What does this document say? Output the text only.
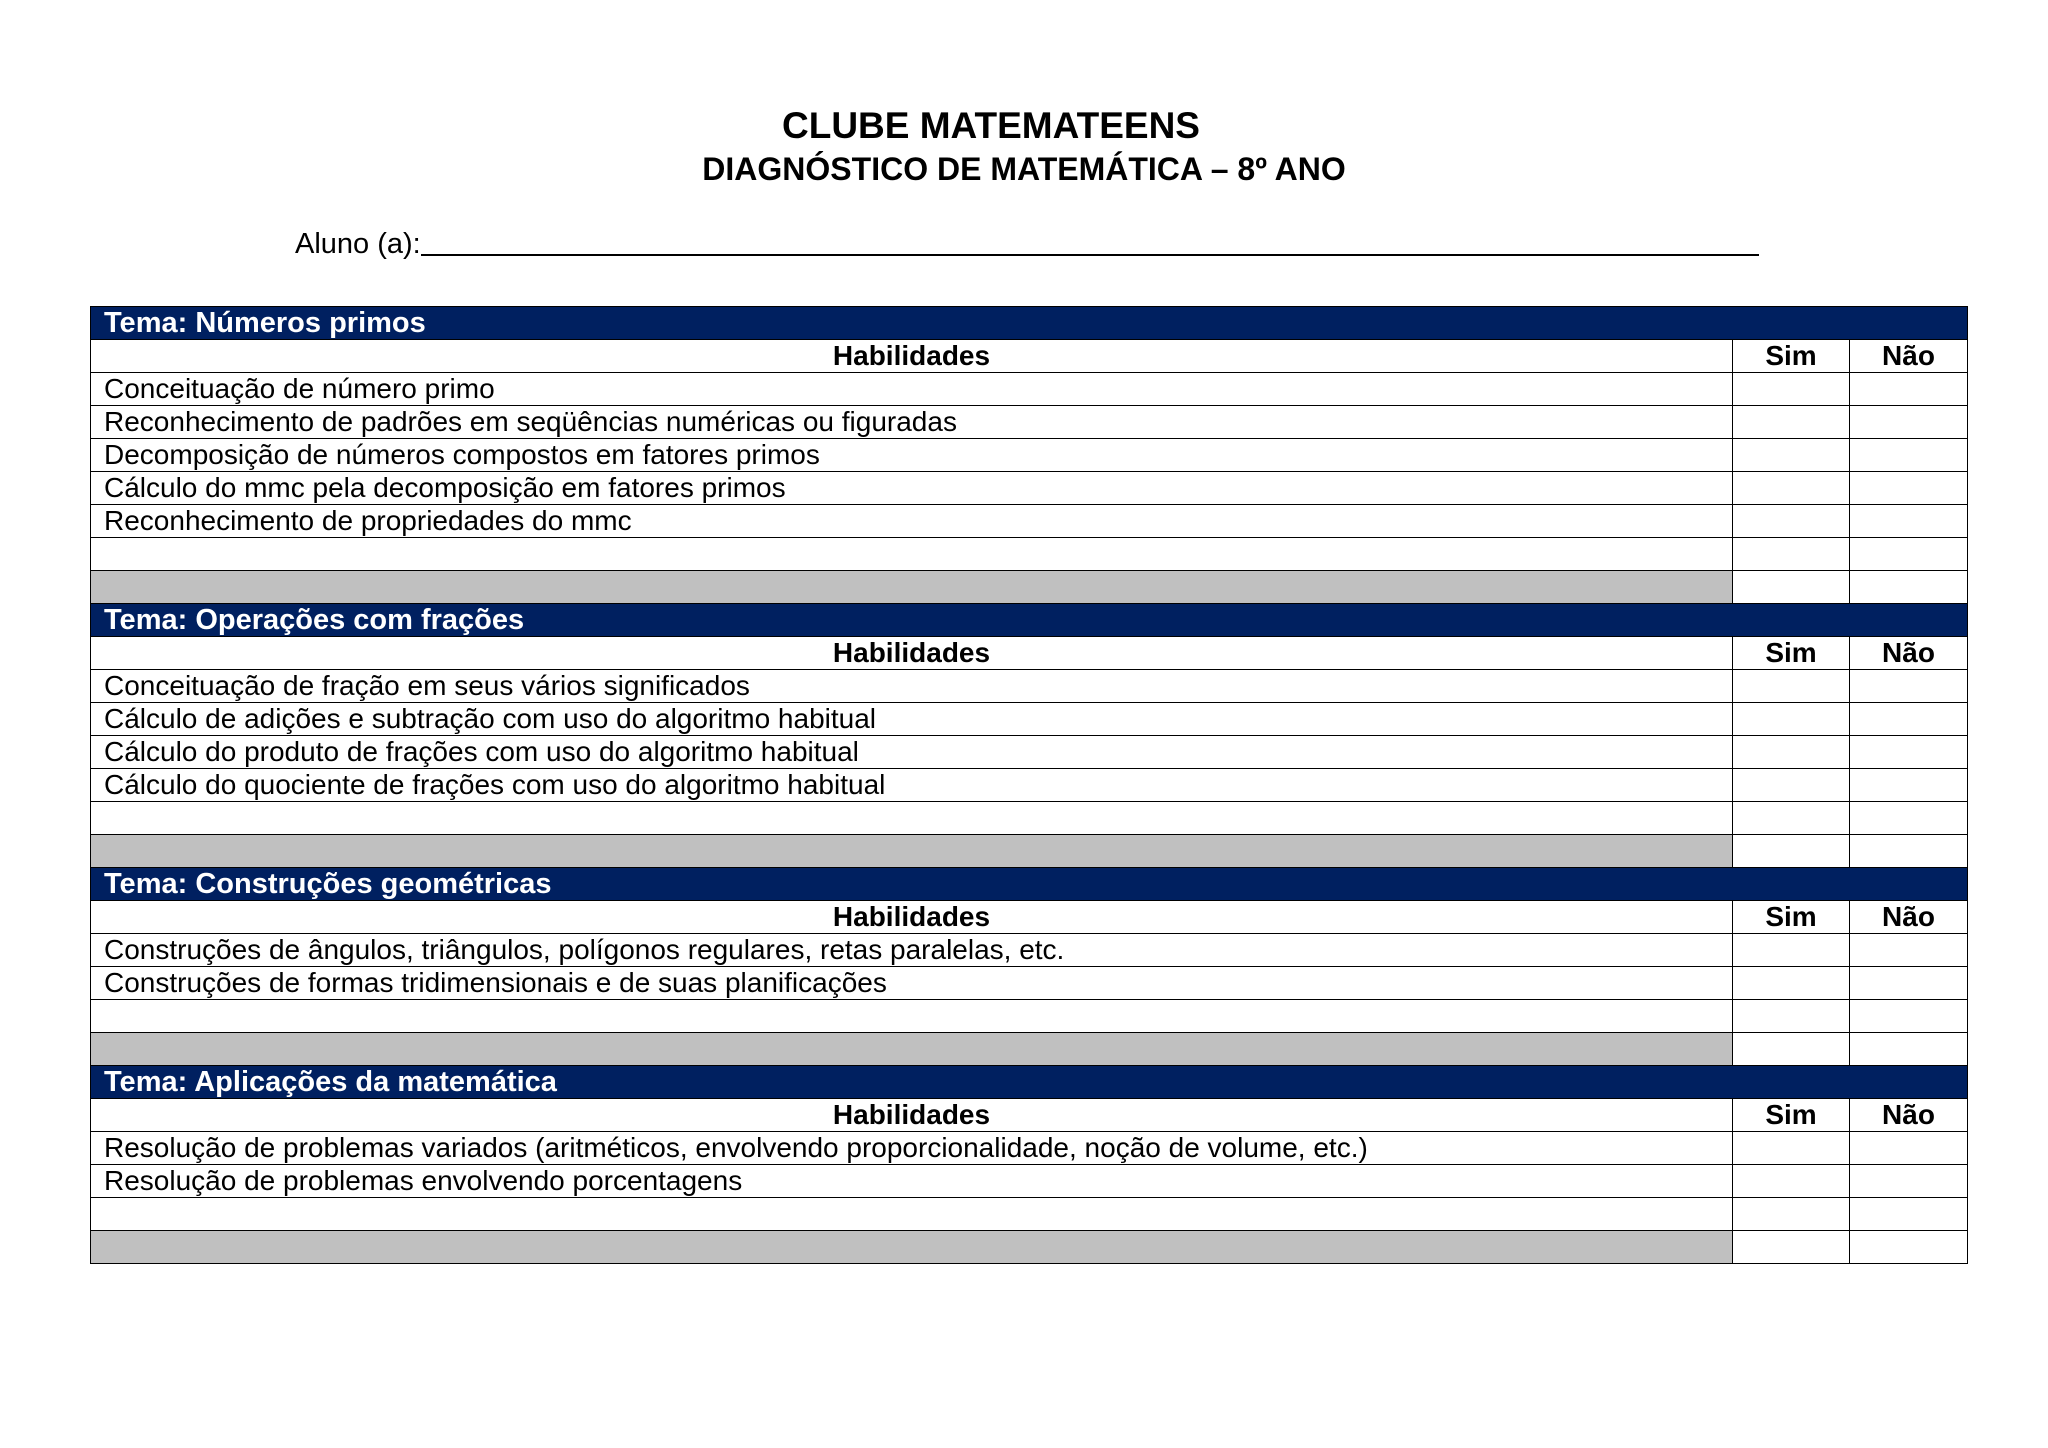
CLUBE MATEMATEENS
DIAGNÓSTICO DE MATEMÁTICA – 8º ANO
Aluno (a):
Tema: Números primos		
Habilidades	Sim	Não
Conceituação de número primo		
Reconhecimento de padrões em seqüências numéricas ou figuradas		
Decomposição de números compostos em fatores primos		
Cálculo do mmc pela decomposição em fatores primos		
Reconhecimento de propriedades do mmc		

Tema: Operações com frações		
Habilidades	Sim	Não
Conceituação de fração em seus vários significados		
Cálculo de adições e subtração com uso do algoritmo habitual		
Cálculo do produto de frações com uso do algoritmo habitual		
Cálculo do quociente de frações com uso do algoritmo habitual		

Tema: Construções geométricas		
Habilidades	Sim	Não
Construções de ângulos, triângulos, polígonos regulares, retas paralelas, etc.		
Construções de formas tridimensionais e de suas planificações		

Tema: Aplicações da matemática		
Habilidades	Sim	Não
Resolução de problemas variados (aritméticos, envolvendo proporcionalidade, noção de volume, etc.)		
Resolução de problemas envolvendo porcentagens		
